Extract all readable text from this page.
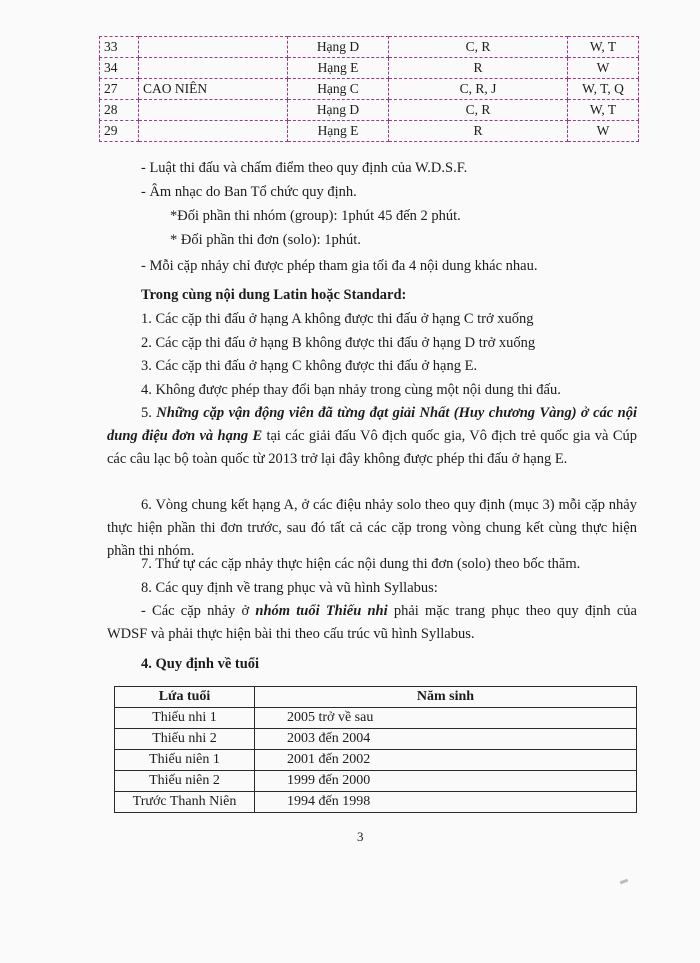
33		Hạng D	C, R	W, T
34		Hạng E	R	W
27	CAO NIÊN	Hạng C	C, R, J	W, T, Q
28		Hạng D	C, R	W, T
29		Hạng E	R	W
- Luật thi đấu và chấm điểm theo quy định của W.D.S.F.
- Âm nhạc do Ban Tổ chức quy định.
*Đối phần thi nhóm (group): 1phút 45 đến 2 phút.
* Đối phần thi đơn (solo): 1phút.
- Mỗi cặp nhảy chỉ được phép tham gia tối đa 4 nội dung khác nhau.
Trong cùng nội dung Latin hoặc Standard:
1. Các cặp thi đấu ở hạng A không được thi đấu ở hạng C trở xuống
2. Các cặp thi đấu ở hạng B không được thi đấu ở hạng D trở xuống
3. Các cặp thi đấu ở hạng C không được thi đấu ở hạng E.
4. Không được phép thay đổi bạn nhảy trong cùng một nội dung thi đấu.
5. Những cặp vận động viên đã từng đạt giải Nhất (Huy chương Vàng) ở các nội dung điệu đơn và hạng E tại các giải đấu Vô địch quốc gia, Vô địch trẻ quốc gia và Cúp các câu lạc bộ toàn quốc từ 2013 trở lại đây không được phép thi đấu ở hạng E.
6. Vòng chung kết hạng A, ở các điệu nhảy solo theo quy định (mục 3) mỗi cặp nhảy thực hiện phần thi đơn trước, sau đó tất cả các cặp trong vòng chung kết cùng thực hiện phần thi nhóm.
7. Thứ tự các cặp nhảy thực hiện các nội dung thi đơn (solo) theo bốc thăm.
8. Các quy định về trang phục và vũ hình Syllabus:
- Các cặp nhảy ở nhóm tuổi Thiếu nhi phải mặc trang phục theo quy định của WDSF và phải thực hiện bài thi theo cấu trúc vũ hình Syllabus.
4. Quy định về tuổi
Lứa tuổi	Năm sinh
Thiếu nhi 1	2005 trở về sau
Thiếu nhi 2	2003 đến 2004
Thiếu niên 1	2001 đến 2002
Thiếu niên 2	1999 đến 2000
Trước Thanh Niên	1994 đến 1998
3
